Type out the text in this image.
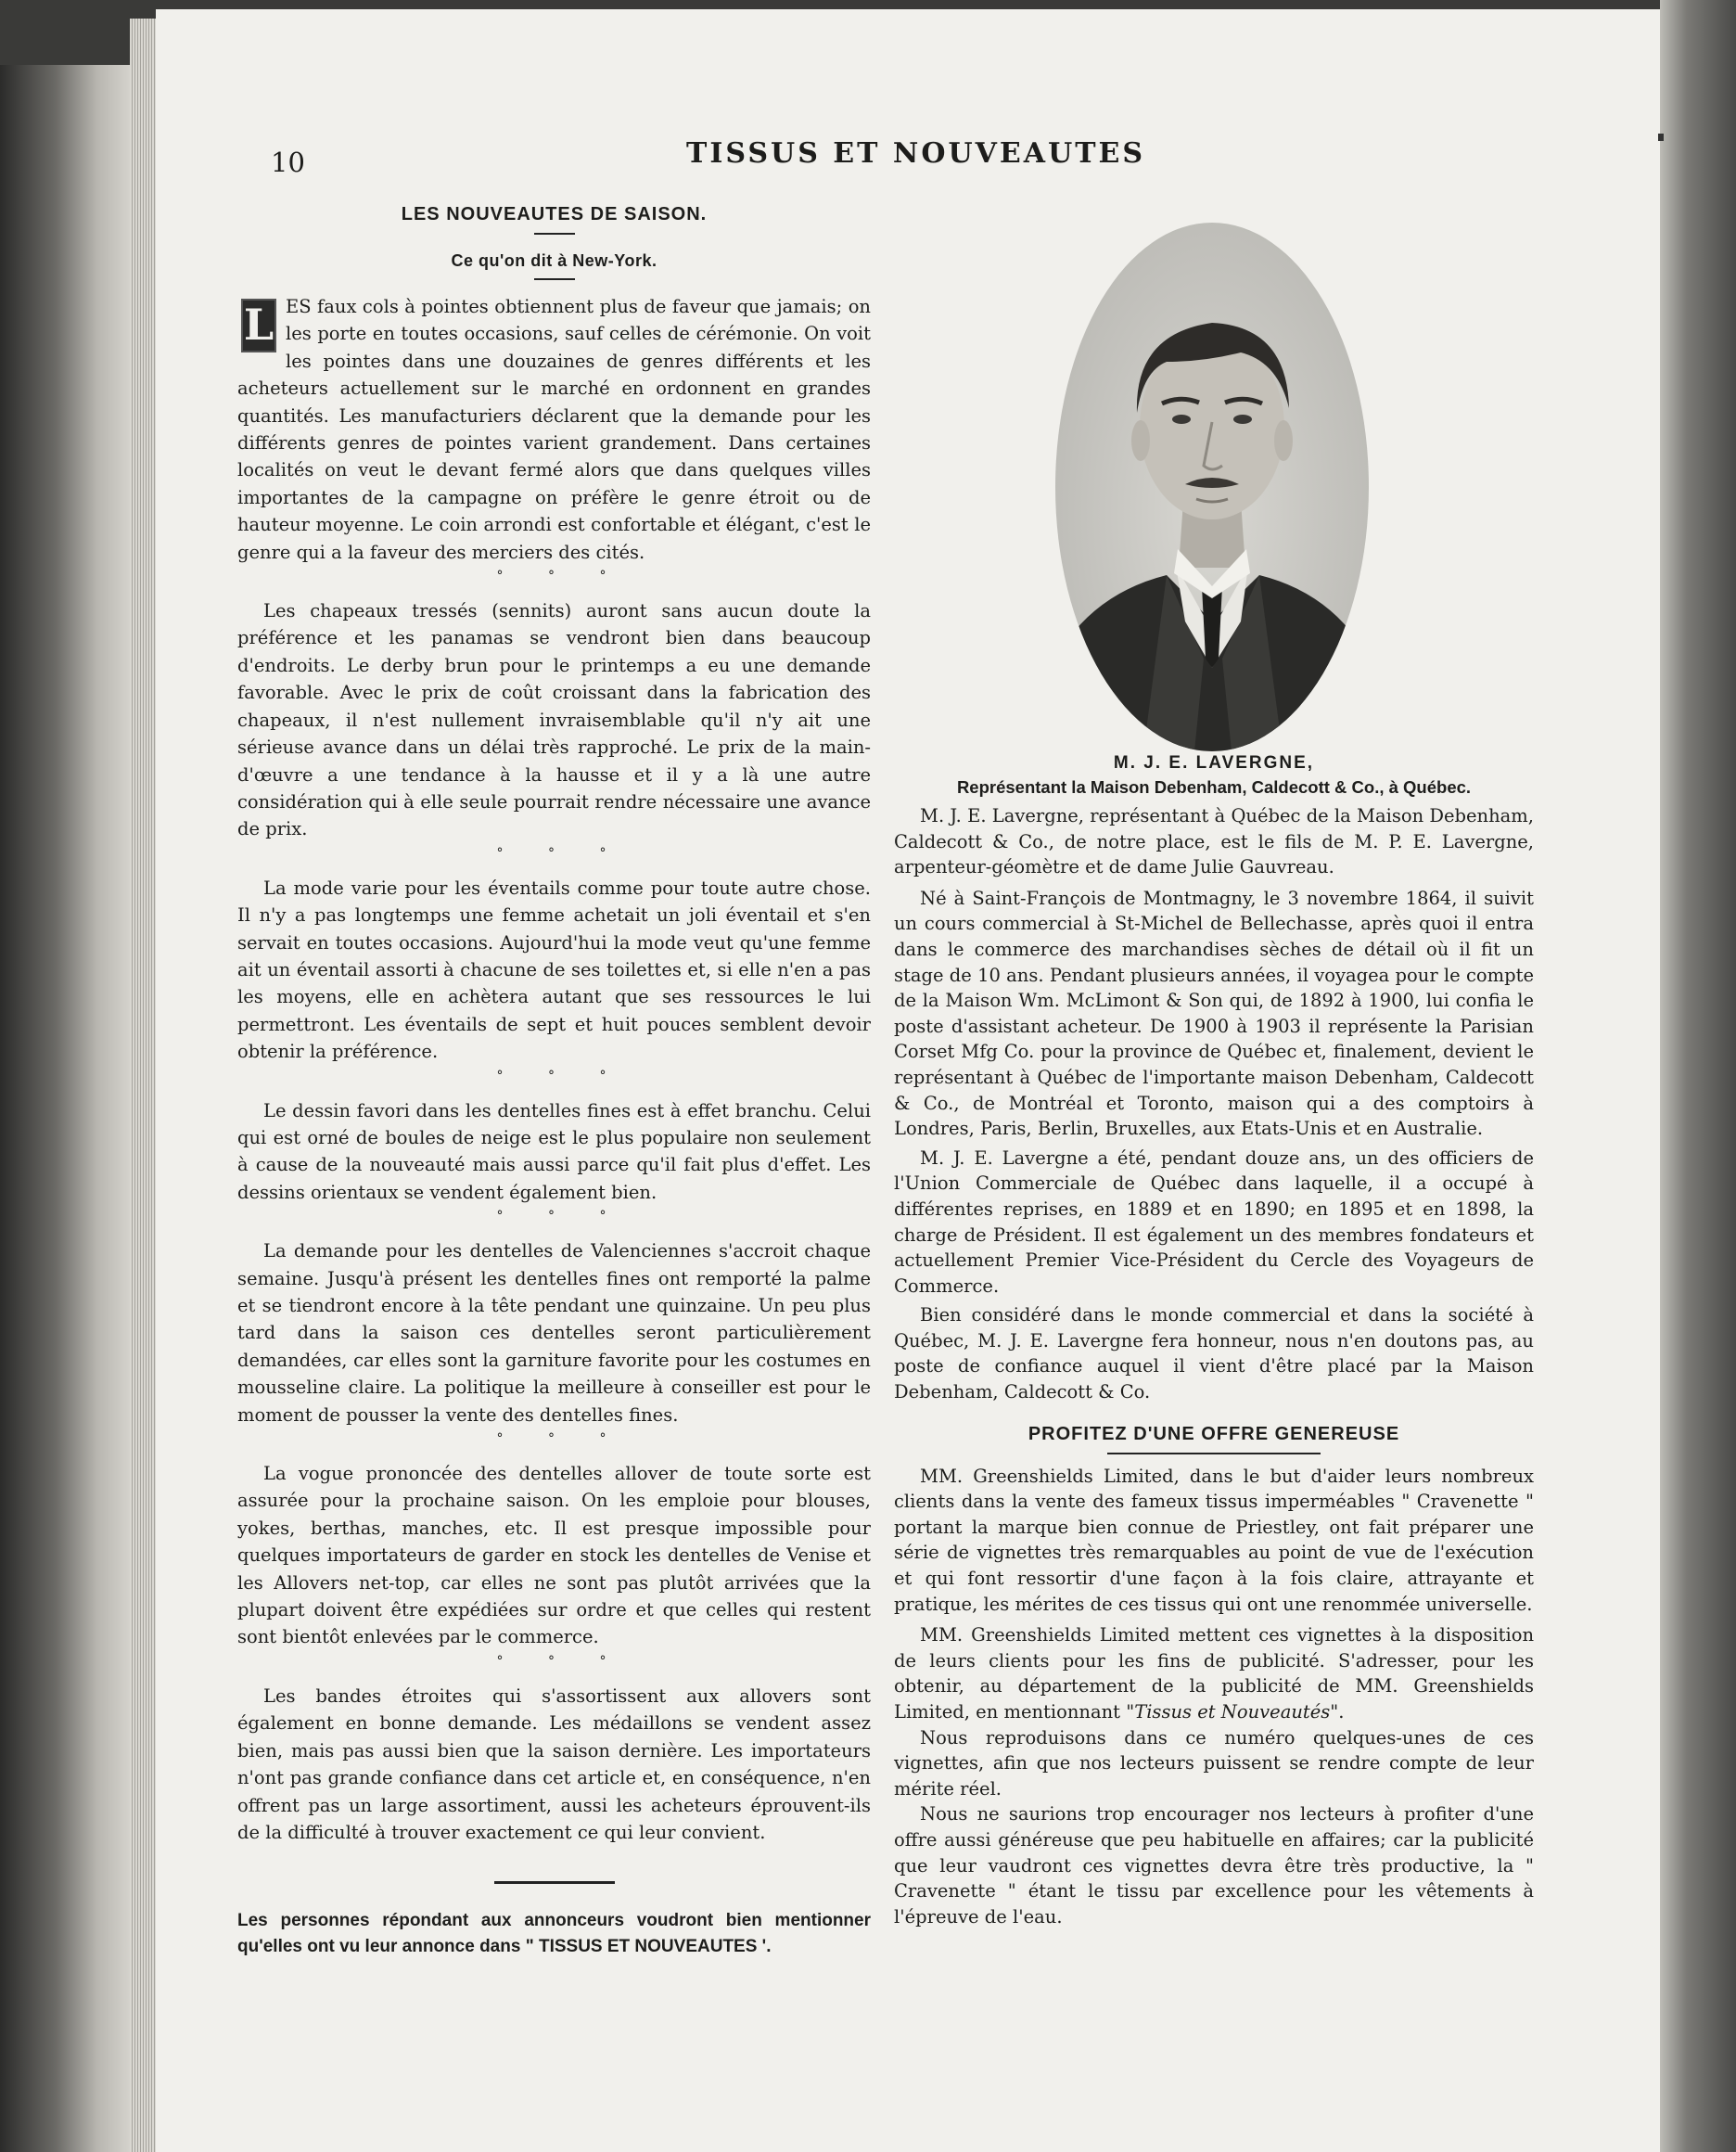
10	TISSUS ET NOUVEAUTES
LES NOUVEAUTES DE SAISON.
Ce qu'on dit à New-York.

L ES faux cols à pointes obtiennent plus de faveur que jamais; on les porte en toutes occasions, sauf celles de cérémonie. On voit les pointes dans une douzaines de genres différents et les acheteurs actuellement sur le marché en ordonnent en grandes quantités. Les manufacturiers déclarent que la demande pour les différents genres de pointes varient grandement. Dans certaines localités on veut le devant fermé alors que dans quelques villes importantes de la campagne on préfère le genre étroit ou de hauteur moyenne. Le coin arrondi est confortable et élégant, c'est le genre qui a la faveur des merciers des cités.

° ° °

Les chapeaux tressés (sennits) auront sans aucun doute la préférence et les panamas se vendront bien dans beaucoup d'endroits. Le derby brun pour le printemps a eu une demande favorable. Avec le prix de coût croissant dans la fabrication des chapeaux, il n'est nullement invraisemblable qu'il n'y ait une sérieuse avance dans un délai très rapproché. Le prix de la main-d'œuvre a une tendance à la hausse et il y a là une autre considération qui à elle seule pourrait rendre nécessaire une avance de prix.

° ° °

La mode varie pour les éventails comme pour toute autre chose. Il n'y a pas longtemps une femme achetait un joli éventail et s'en servait en toutes occasions. Aujourd'hui la mode veut qu'une femme ait un éventail assorti à chacune de ses toilettes et, si elle n'en a pas les moyens, elle en achètera autant que ses ressources le lui permettront. Les éventails de sept et huit pouces semblent devoir obtenir la préférence.

° ° °

Le dessin favori dans les dentelles fines est à effet branchu. Celui qui est orné de boules de neige est le plus populaire non seulement à cause de la nouveauté mais aussi parce qu'il fait plus d'effet. Les dessins orientaux se vendent également bien.

° ° °

La demande pour les dentelles de Valenciennes s'accroit chaque semaine. Jusqu'à présent les dentelles fines ont remporté la palme et se tiendront encore à la tête pendant une quinzaine. Un peu plus tard dans la saison ces dentelles seront particulièrement demandées, car elles sont la garniture favorite pour les costumes en mousseline claire. La politique la meilleure à conseiller est pour le moment de pousser la vente des dentelles fines.

° ° °

La vogue prononcée des dentelles allover de toute sorte est assurée pour la prochaine saison. On les emploie pour blouses, yokes, berthas, manches, etc. Il est presque impossible pour quelques importateurs de garder en stock les dentelles de Venise et les Allovers net-top, car elles ne sont pas plutôt arrivées que la plupart doivent être expédiées sur ordre et que celles qui restent sont bientôt enlevées par le commerce.

° ° °

Les bandes étroites qui s'assortissent aux allovers sont également en bonne demande. Les médaillons se vendent assez bien, mais pas aussi bien que la saison dernière. Les importateurs n'ont pas grande confiance dans cet article et, en conséquence, n'en offrent pas un large assortiment, aussi les acheteurs éprouvent-ils de la difficulté à trouver exactement ce qui leur convient.

Les personnes répondant aux annonceurs voudront bien mentionner qu'elles ont vu leur annonce dans " TISSUS ET NOUVEAUTES '.
M. J. E. LAVERGNE,
Représentant la Maison Debenham, Caldecott & Co., à Québec.

M. J. E. Lavergne, représentant à Québec de la Maison Debenham, Caldecott & Co., de notre place, est le fils de M. P. E. Lavergne, arpenteur-géomètre et de dame Julie Gauvreau.

Né à Saint-François de Montmagny, le 3 novembre 1864, il suivit un cours commercial à St-Michel de Bellechasse, après quoi il entra dans le commerce des marchandises sèches de détail où il fit un stage de 10 ans. Pendant plusieurs années, il voyagea pour le compte de la Maison Wm. McLimont & Son qui, de 1892 à 1900, lui confia le poste d'assistant acheteur. De 1900 à 1903 il représente la Parisian Corset Mfg Co. pour la province de Québec et, finalement, devient le représentant à Québec de l'importante maison Debenham, Caldecott & Co., de Montréal et Toronto, maison qui a des comptoirs à Londres, Paris, Berlin, Bruxelles, aux Etats-Unis et en Australie.

M. J. E. Lavergne a été, pendant douze ans, un des officiers de l'Union Commerciale de Québec dans laquelle, il a occupé à différentes reprises, en 1889 et en 1890; en 1895 et en 1898, la charge de Président. Il est également un des membres fondateurs et actuellement Premier Vice-Président du Cercle des Voyageurs de Commerce.

Bien considéré dans le monde commercial et dans la société à Québec, M. J. E. Lavergne fera honneur, nous n'en doutons pas, au poste de confiance auquel il vient d'être placé par la Maison Debenham, Caldecott & Co.

PROFITEZ D'UNE OFFRE GENEREUSE

MM. Greenshields Limited, dans le but d'aider leurs nombreux clients dans la vente des fameux tissus imperméables " Cravenette " portant la marque bien connue de Priestley, ont fait préparer une série de vignettes très remarquables au point de vue de l'exécution et qui font ressortir d'une façon à la fois claire, attrayante et pratique, les mérites de ces tissus qui ont une renommée universelle.

MM. Greenshields Limited mettent ces vignettes à la disposition de leurs clients pour les fins de publicité. S'adresser, pour les obtenir, au département de la publicité de MM. Greenshields Limited, en mentionnant "Tissus et Nouveautés".

Nous reproduisons dans ce numéro quelques-unes de ces vignettes, afin que nos lecteurs puissent se rendre compte de leur mérite réel.

Nous ne saurions trop encourager nos lecteurs à profiter d'une offre aussi généreuse que peu habituelle en affaires; car la publicité que leur vaudront ces vignettes devra être très productive, la " Cravenette " étant le tissu par excellence pour les vêtements à l'épreuve de l'eau.
